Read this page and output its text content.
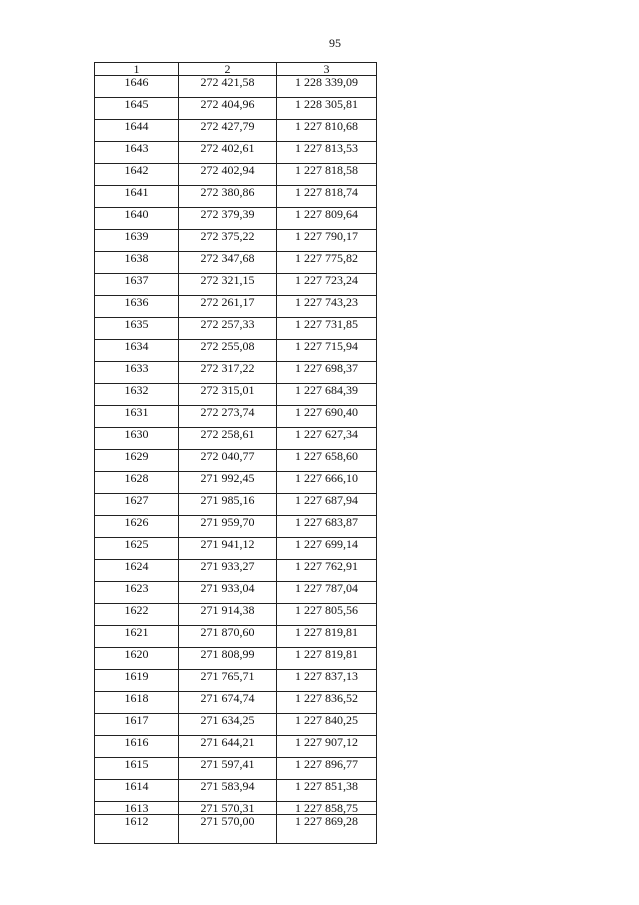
95
1	2	3
1646	272 421,58	1 228 339,09
1645	272 404,96	1 228 305,81
1644	272 427,79	1 227 810,68
1643	272 402,61	1 227 813,53
1642	272 402,94	1 227 818,58
1641	272 380,86	1 227 818,74
1640	272 379,39	1 227 809,64
1639	272 375,22	1 227 790,17
1638	272 347,68	1 227 775,82
1637	272 321,15	1 227 723,24
1636	272 261,17	1 227 743,23
1635	272 257,33	1 227 731,85
1634	272 255,08	1 227 715,94
1633	272 317,22	1 227 698,37
1632	272 315,01	1 227 684,39
1631	272 273,74	1 227 690,40
1630	272 258,61	1 227 627,34
1629	272 040,77	1 227 658,60
1628	271 992,45	1 227 666,10
1627	271 985,16	1 227 687,94
1626	271 959,70	1 227 683,87
1625	271 941,12	1 227 699,14
1624	271 933,27	1 227 762,91
1623	271 933,04	1 227 787,04
1622	271 914,38	1 227 805,56
1621	271 870,60	1 227 819,81
1620	271 808,99	1 227 819,81
1619	271 765,71	1 227 837,13
1618	271 674,74	1 227 836,52
1617	271 634,25	1 227 840,25
1616	271 644,21	1 227 907,12
1615	271 597,41	1 227 896,77
1614	271 583,94	1 227 851,38
1613	271 570,31	1 227 858,75
1612	271 570,00	1 227 869,28
